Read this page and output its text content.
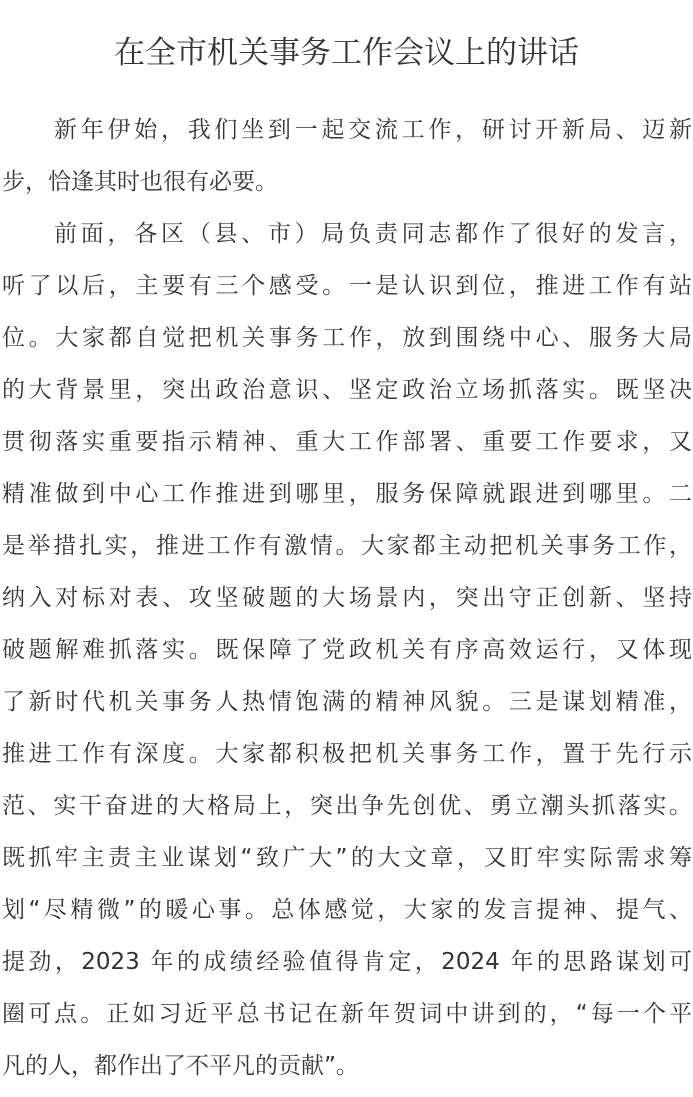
在全市机关事务工作会议上的讲话
新年伊始，我们坐到一起交流工作，研讨开新局、迈新
步，恰逢其时也很有必要。
前面，各区（县、市）局负责同志都作了很好的发言，
听了以后，主要有三个感受。一是认识到位，推进工作有站
位。大家都自觉把机关事务工作，放到围绕中心、服务大局
的大背景里，突出政治意识、坚定政治立场抓落实。既坚决
贯彻落实重要指示精神、重大工作部署、重要工作要求，又
精准做到中心工作推进到哪里，服务保障就跟进到哪里。二
是举措扎实，推进工作有激情。大家都主动把机关事务工作，
纳入对标对表、攻坚破题的大场景内，突出守正创新、坚持
破题解难抓落实。既保障了党政机关有序高效运行，又体现
了新时代机关事务人热情饱满的精神风貌。三是谋划精准，
推进工作有深度。大家都积极把机关事务工作，置于先行示
范、实干奋进的大格局上，突出争先创优、勇立潮头抓落实。
既抓牢主责主业谋划“致广大”的大文章，又盯牢实际需求筹
划“尽精微”的暖心事。总体感觉，大家的发言提神、提气、
提劲，2023 年的成绩经验值得肯定，2024 年的思路谋划可
圈可点。正如习近平总书记在新年贺词中讲到的，“每一个平
凡的人，都作出了不平凡的贡献”。
